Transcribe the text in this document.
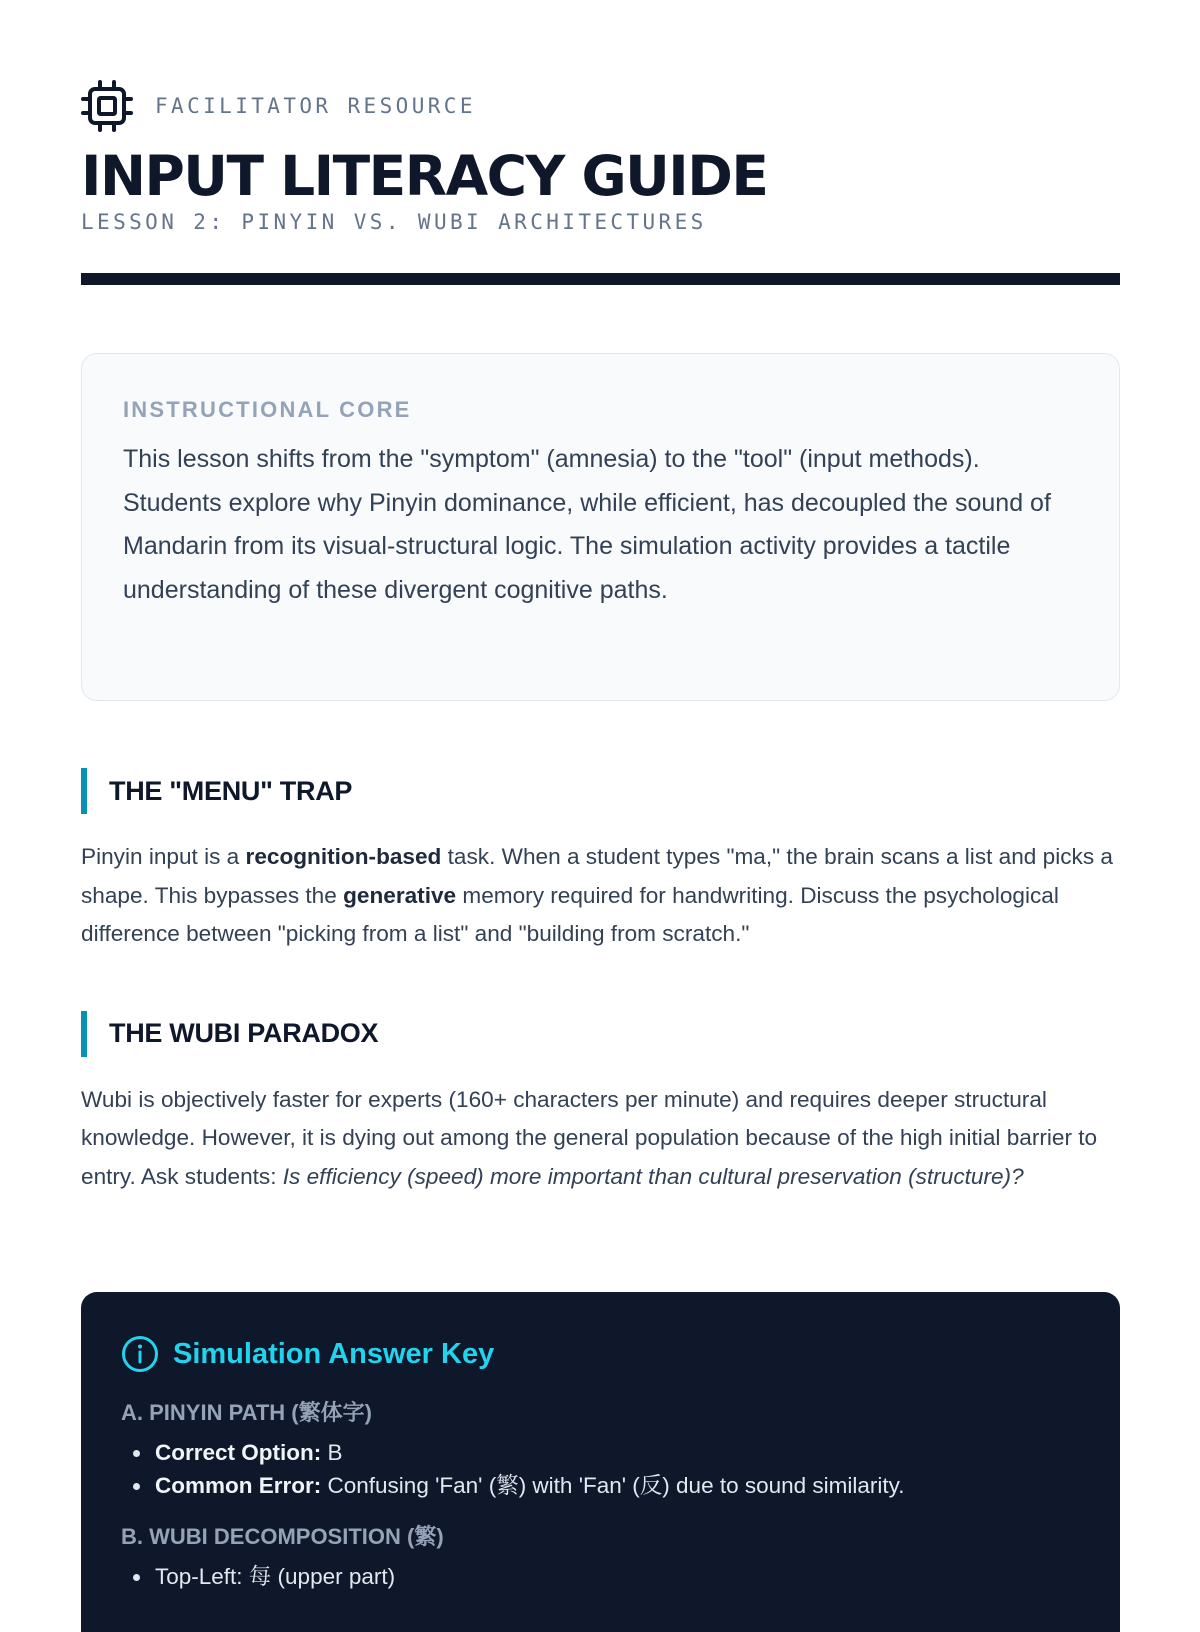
FACILITATOR RESOURCE
INPUT LITERACY GUIDE
LESSON 2: PINYIN VS. WUBI ARCHITECTURES
INSTRUCTIONAL CORE
This lesson shifts from the "symptom" (amnesia) to the "tool" (input methods). Students explore why Pinyin dominance, while efficient, has decoupled the sound of Mandarin from its visual-structural logic. The simulation activity provides a tactile understanding of these divergent cognitive paths.
THE "MENU" TRAP
Pinyin input is a recognition-based task. When a student types "ma," the brain scans a list and picks a shape. This bypasses the generative memory required for handwriting. Discuss the psychological difference between "picking from a list" and "building from scratch."
THE WUBI PARADOX
Wubi is objectively faster for experts (160+ characters per minute) and requires deeper structural knowledge. However, it is dying out among the general population because of the high initial barrier to entry. Ask students: Is efficiency (speed) more important than cultural preservation (structure)?
Simulation Answer Key
A. PINYIN PATH (繁体字)
• Correct Option: B
• Common Error: Confusing 'Fan' (繁) with 'Fan' (反) due to sound similarity.
B. WUBI DECOMPOSITION (繁)
• Top-Left: 每 (upper part)
